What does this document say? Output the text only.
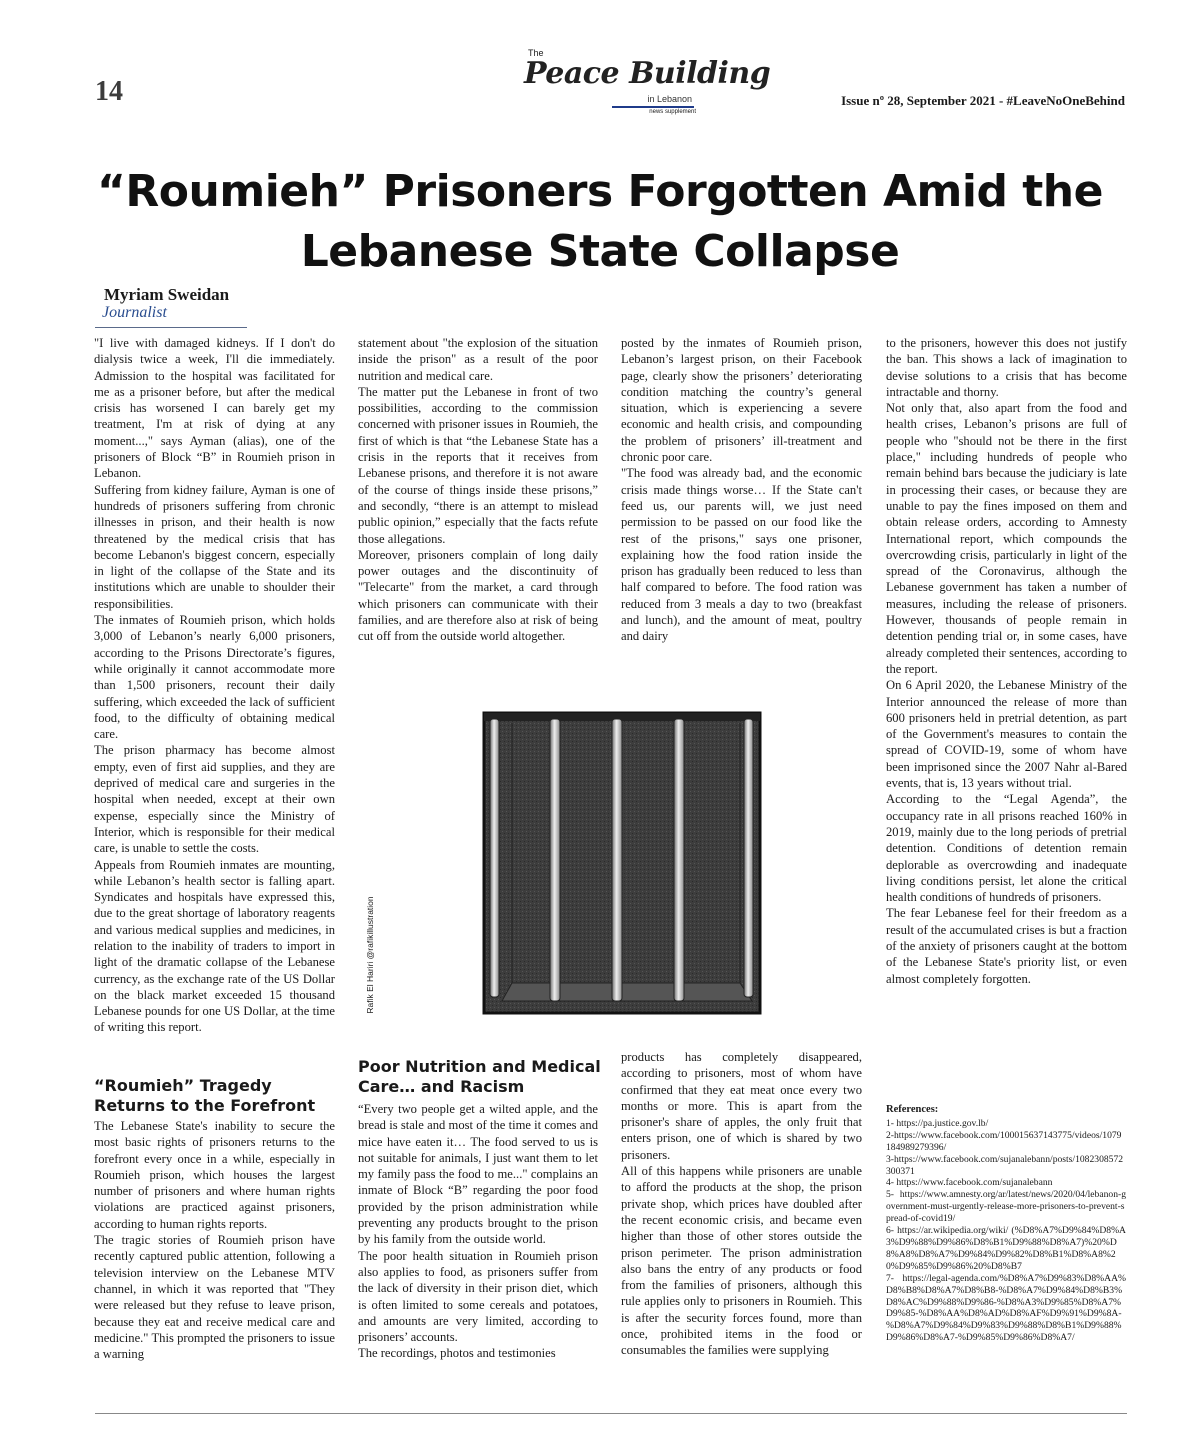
14
The
Peace Building
in Lebanon
news supplement
Issue nº 28, September 2021 - #LeaveNoOneBehind
“Roumieh” Prisoners Forgotten Amid the Lebanese State Collapse
Myriam Sweidan
Journalist

"I live with damaged kidneys. If I don't do dialysis twice a week, I'll die immediately. Admission to the hospital was facilitated for me as a prisoner before, but after the medical crisis has worsened I can barely get my treatment, I'm at risk of dying at any moment...," says Ayman (alias), one of the prisoners of Block “B” in Roumieh prison in Lebanon.

Suffering from kidney failure, Ayman is one of hundreds of prisoners suffering from chronic illnesses in prison, and their health is now threatened by the medical crisis that has become Lebanon's biggest concern, especially in light of the collapse of the State and its institutions which are unable to shoulder their responsibilities.

The inmates of Roumieh prison, which holds 3,000 of Lebanon’s nearly 6,000 prisoners, according to the Prisons Directorate’s figures, while originally it cannot accommodate more than 1,500 prisoners, recount their daily suffering, which exceeded the lack of sufficient food, to the difficulty of obtaining medical care.

The prison pharmacy has become almost empty, even of first aid supplies, and they are deprived of medical care and surgeries in the hospital when needed, except at their own expense, especially since the Ministry of Interior, which is responsible for their medical care, is unable to settle the costs.

Appeals from Roumieh inmates are mounting, while Lebanon’s health sector is falling apart. Syndicates and hospitals have expressed this, due to the great shortage of laboratory reagents and various medical supplies and medicines, in relation to the inability of traders to import in light of the dramatic collapse of the Lebanese currency, as the exchange rate of the US Dollar on the black market exceeded 15 thousand Lebanese pounds for one US Dollar, at the time of writing this report.

“Roumieh” Tragedy Returns to the Forefront

The Lebanese State's inability to secure the most basic rights of prisoners returns to the forefront every once in a while, especially in Roumieh prison, which houses the largest number of prisoners and where human rights violations are practiced against prisoners, according to human rights reports.

The tragic stories of Roumieh prison have recently captured public attention, following a television interview on the Lebanese MTV channel, in which it was reported that "They were released but they refuse to leave prison, because they eat and receive medical care and medicine." This prompted the prisoners to issue a warning

statement about "the explosion of the situation inside the prison" as a result of the poor nutrition and medical care.

The matter put the Lebanese in front of two possibilities, according to the commission concerned with prisoner issues in Roumieh, the first of which is that “the Lebanese State has a crisis in the reports that it receives from Lebanese prisons, and therefore it is not aware of the course of things inside these prisons,” and secondly, “there is an attempt to mislead public opinion,” especially that the facts refute those allegations.

Moreover, prisoners complain of long daily power outages and the discontinuity of "Telecarte" from the market, a card through which prisoners can communicate with their families, and are therefore also at risk of being cut off from the outside world altogether.

Poor Nutrition and Medical Care… and Racism

“Every two people get a wilted apple, and the bread is stale and most of the time it comes and mice have eaten it… The food served to us is not suitable for animals, I just want them to let my family pass the food to me..." complains an inmate of Block “B” regarding the poor food provided by the prison administration while preventing any products brought to the prison by his family from the outside world.

The poor health situation in Roumieh prison also applies to food, as prisoners suffer from the lack of diversity in their prison diet, which is often limited to some cereals and potatoes, and amounts are very limited, according to prisoners’ accounts.

The recordings, photos and testimonies

posted by the inmates of Roumieh prison, Lebanon’s largest prison, on their Facebook page, clearly show the prisoners’ deteriorating condition matching the country’s general situation, which is experiencing a severe economic and health crisis, and compounding the problem of prisoners’ ill-treatment and chronic poor care.

"The food was already bad, and the economic crisis made things worse… If the State can't feed us, our parents will, we just need permission to be passed on our food like the rest of the prisons," says one prisoner, explaining how the food ration inside the prison has gradually been reduced to less than half compared to before. The food ration was reduced from 3 meals a day to two (breakfast and lunch), and the amount of meat, poultry and dairy

products has completely disappeared, according to prisoners, most of whom have confirmed that they eat meat once every two months or more. This is apart from the prisoner's share of apples, the only fruit that enters prison, one of which is shared by two prisoners.

All of this happens while prisoners are unable to afford the products at the shop, the prison private shop, which prices have doubled after the recent economic crisis, and became even higher than those of other stores outside the prison perimeter. The prison administration also bans the entry of any products or food from the families of prisoners, although this rule applies only to prisoners in Roumieh. This is after the security forces found, more than once, prohibited items in the food or consumables the families were supplying

to the prisoners, however this does not justify the ban. This shows a lack of imagination to devise solutions to a crisis that has become intractable and thorny.

Not only that, also apart from the food and health crises, Lebanon’s prisons are full of people who "should not be there in the first place," including hundreds of people who remain behind bars because the judiciary is late in processing their cases, or because they are unable to pay the fines imposed on them and obtain release orders, according to Amnesty International report, which compounds the overcrowding crisis, particularly in light of the spread of the Coronavirus, although the Lebanese government has taken a number of measures, including the release of prisoners. However, thousands of people remain in detention pending trial or, in some cases, have already completed their sentences, according to the report.

On 6 April 2020, the Lebanese Ministry of the Interior announced the release of more than 600 prisoners held in pretrial detention, as part of the Government's measures to contain the spread of COVID-19, some of whom have been imprisoned since the 2007 Nahr al-Bared events, that is, 13 years without trial.

According to the “Legal Agenda”, the occupancy rate in all prisons reached 160% in 2019, mainly due to the long periods of pretrial detention. Conditions of detention remain deplorable as overcrowding and inadequate living conditions persist, let alone the critical health conditions of hundreds of prisoners.

The fear Lebanese feel for their freedom as a result of the accumulated crises is but a fraction of the anxiety of prisoners caught at the bottom of the Lebanese State's priority list, or even almost completely forgotten.

Rafik El Hariri @rafikillustration
References:
1- https://pa.justice.gov.lb/
2-https://www.facebook.com/100015637143775/videos/1079184989279396/
3-https://www.facebook.com/sujanalebann/posts/1082308572300371
4- https://www.facebook.com/sujanalebann
5- https://www.amnesty.org/ar/latest/news/2020/04/lebanon-government-must-urgently-release-more-prisoners-to-prevent-spread-of-covid19/
6- https://ar.wikipedia.org/wiki/ (%D8%A7%D9%84%D8%A3%D9%88%D9%86%D8%B1%D9%88%D8%A7)%20%D8%A8%D8%A7%D9%84%D9%82%D8%B1%D8%A8%20%D9%85%D9%86%20%D8%B7
7- https://legal-agenda.com/%D8%A7%D9%83%D8%AA%D8%B8%D8%A7%D8%B8-%D8%A7%D9%84%D8%B3%D8%AC%D9%88%D9%86-%D8%A3%D9%85%D8%A7%D9%85-%D8%AA%D8%AD%D8%AF%D9%91%D9%8A-%D8%A7%D9%84%D9%83%D9%88%D8%B1%D9%88%D9%86%D8%A7-%D9%85%D9%86%D8%A7/
